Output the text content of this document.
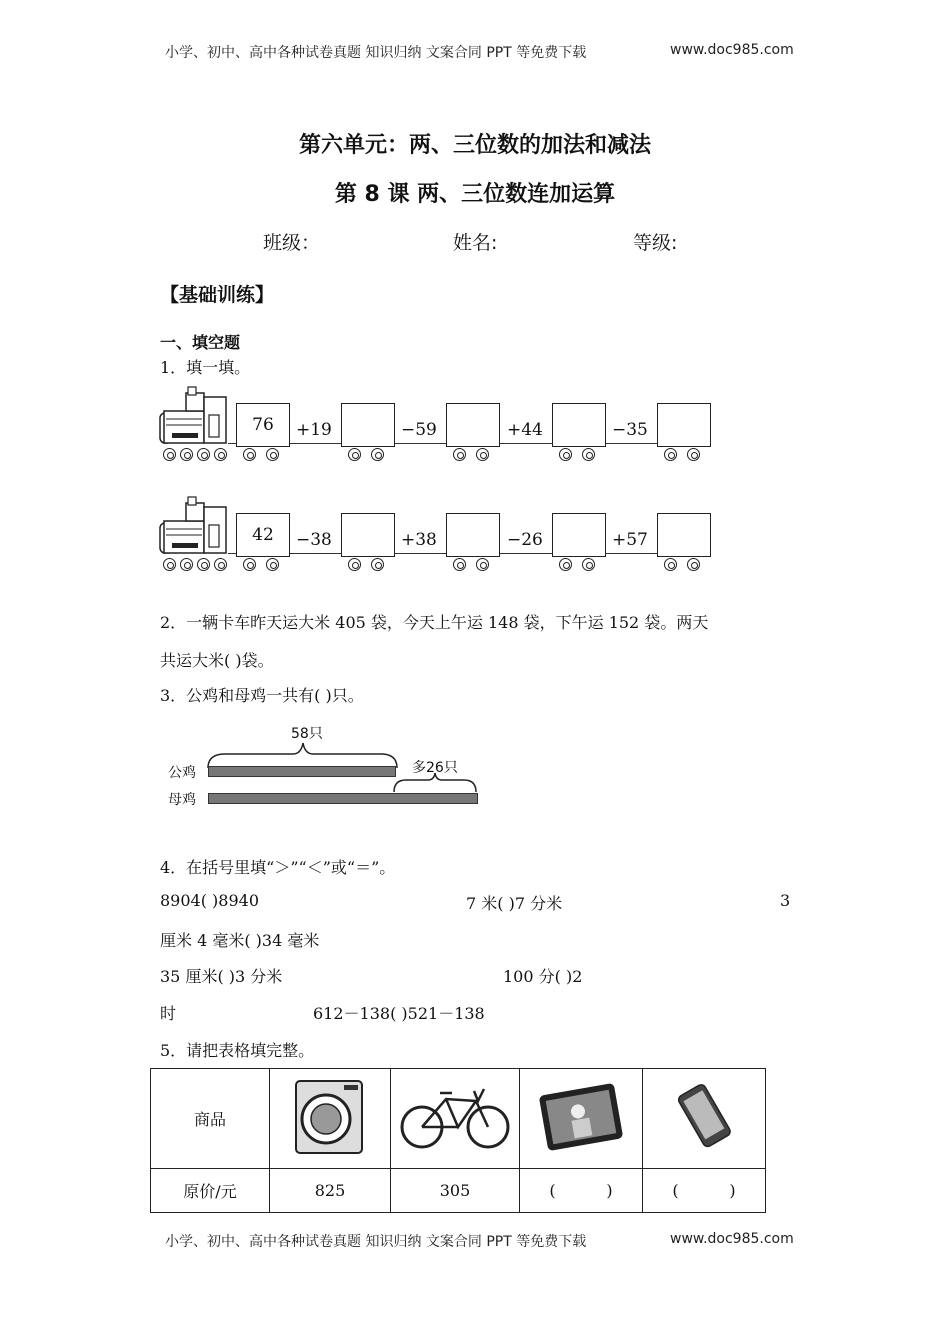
小学、初中、高中各种试卷真题 知识归纳 文案合同 PPT 等免费下载	www.doc985.com
第六单元：两、三位数的加法和减法
第 8 课 两、三位数连加运算
班级：	姓名:	等级:
【基础训练】
一、填空题
1．填一填。
76	+19	−59	+44	−35
42	−38	+38	−26	+57
2．一辆卡车昨天运大米 405 袋，今天上午运 148 袋，下午运 152 袋。两天
共运大米( )袋。
3．公鸡和母鸡一共有( )只。
58只
公鸡	多26只
母鸡
4．在括号里填“＞”“＜”或“＝”。
8904( )8940	7 米( )7 分米	3
厘米 4 毫米( )34 毫米
35 厘米( )3 分米	100 分( )2
时	612－138( )521－138
5．请把表格填完整。
商品				
原价/元	825	305	(          )	(          )
小学、初中、高中各种试卷真题 知识归纳 文案合同 PPT 等免费下载	www.doc985.com
